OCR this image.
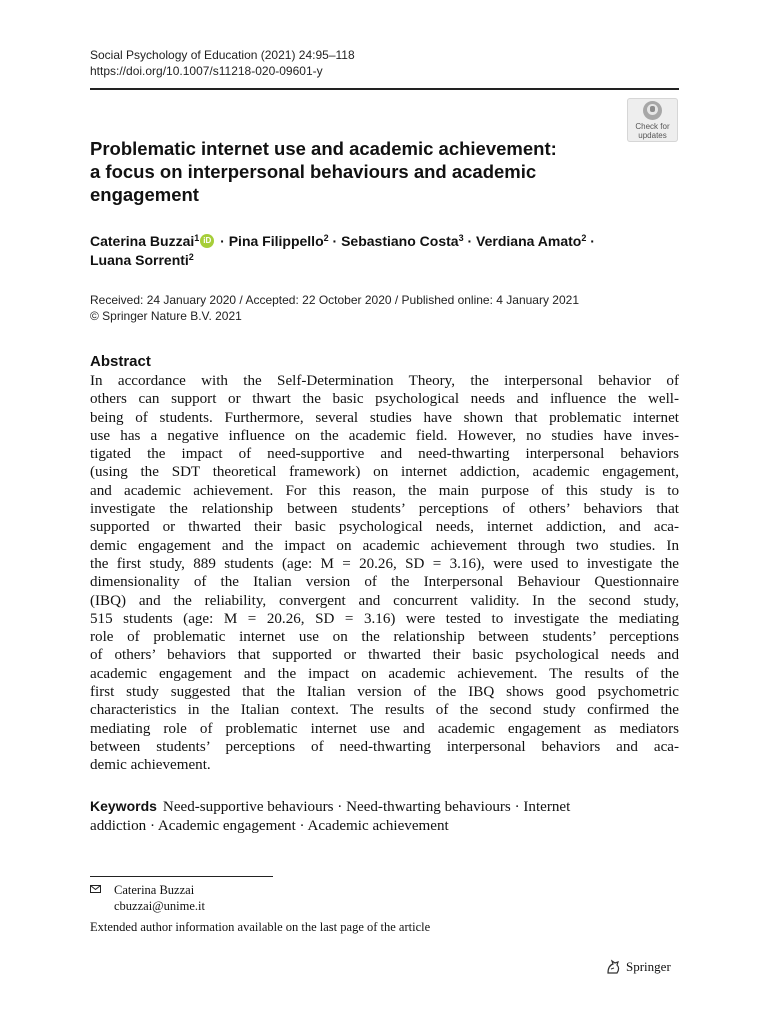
Social Psychology of Education (2021) 24:95–118
https://doi.org/10.1007/s11218-020-09601-y
Check for
updates
Problematic internet use and academic achievement:
a focus on interpersonal behaviours and academic
engagement
Caterina Buzzai$^1$iD · Pina Filippello$^2$ · Sebastiano Costa$^3$ · Verdiana Amato$^2$ ·
Luana Sorrenti$^2$
Received: 24 January 2020 / Accepted: 22 October 2020 / Published online: 4 January 2021
© Springer Nature B.V. 2021
Abstract
In accordance with the Self-Determination Theory, the interpersonal behavior of
others can support or thwart the basic psychological needs and influence the well-
being of students. Furthermore, several studies have shown that problematic internet
use has a negative influence on the academic field. However, no studies have inves-
tigated the impact of need-supportive and need-thwarting interpersonal behaviors
(using the SDT theoretical framework) on internet addiction, academic engagement,
and academic achievement. For this reason, the main purpose of this study is to
investigate the relationship between students’ perceptions of others’ behaviors that
supported or thwarted their basic psychological needs, internet addiction, and aca-
demic engagement and the impact on academic achievement through two studies. In
the first study, 889 students (age: M = 20.26, SD = 3.16), were used to investigate the
dimensionality of the Italian version of the Interpersonal Behaviour Questionnaire
(IBQ) and the reliability, convergent and concurrent validity. In the second study,
515 students (age: M = 20.26, SD = 3.16) were tested to investigate the mediating
role of problematic internet use on the relationship between students’ perceptions
of others’ behaviors that supported or thwarted their basic psychological needs and
academic engagement and the impact on academic achievement. The results of the
first study suggested that the Italian version of the IBQ shows good psychometric
characteristics in the Italian context. The results of the second study confirmed the
mediating role of problematic internet use and academic engagement as mediators
between students’ perceptions of need-thwarting interpersonal behaviors and aca-
demic achievement.
Keywords Need-supportive behaviours · Need-thwarting behaviours · Internet
addiction · Academic engagement · Academic achievement
Caterina Buzzai
cbuzzai@unime.it
Extended author information available on the last page of the article
Springer
